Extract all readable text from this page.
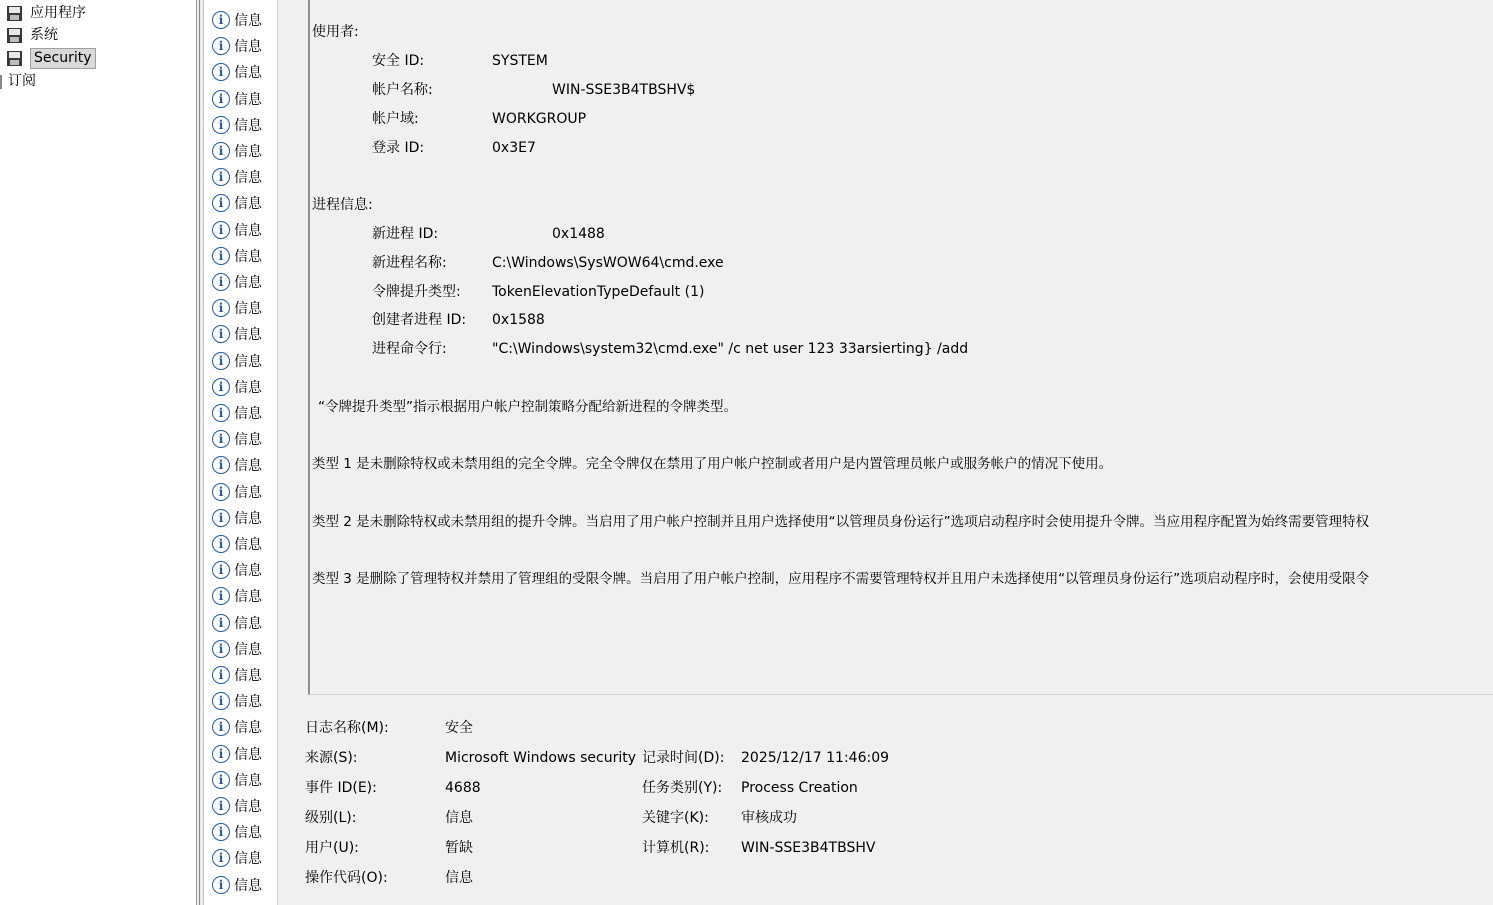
应用程序
系统
Security
订阅
i 信息
i 信息
i 信息
i 信息
i 信息
i 信息
i 信息
i 信息
i 信息
i 信息
i 信息
i 信息
i 信息
i 信息
i 信息
i 信息
i 信息
i 信息
i 信息
i 信息
i 信息
i 信息
i 信息
i 信息
i 信息
i 信息
i 信息
i 信息
i 信息
i 信息
i 信息
i 信息
i 信息
i 信息
使用者:
安全 ID:	SYSTEM
帐户名称:	WIN-SSE3B4TBSHV$
帐户域:	WORKGROUP
登录 ID:	0x3E7
进程信息:
新进程 ID:	0x1488
新进程名称:	C:\Windows\SysWOW64\cmd.exe
令牌提升类型: TokenElevationTypeDefault (1)
创建者进程 ID: 0x1588
进程命令行:	"C:\Windows\system32\cmd.exe" /c net user 123 33arsierting} /add
“令牌提升类型”指示根据用户帐户控制策略分配给新进程的令牌类型。
类型 1 是未删除特权或未禁用组的完全令牌。完全令牌仅在禁用了用户帐户控制或者用户是内置管理员帐户或服务帐户的情况下使用。
类型 2 是未删除特权或未禁用组的提升令牌。当启用了用户帐户控制并且用户选择使用“以管理员身份运行”选项启动程序时会使用提升令牌。当应用程序配置为始终需要管理特权
类型 3 是删除了管理特权并禁用了管理组的受限令牌。当启用了用户帐户控制，应用程序不需要管理特权并且用户未选择使用“以管理员身份运行”选项启动程序时，会使用受限令
日志名称(M):	安全
来源(S):	Microsoft Windows security 记录时间(D): 2025/12/17 11:46:09
事件 ID(E):	4688	任务类别(Y): Process Creation
级别(L):	信息	关键字(K): 审核成功
用户(U):	暂缺	计算机(R): WIN-SSE3B4TBSHV
操作代码(O):	信息
